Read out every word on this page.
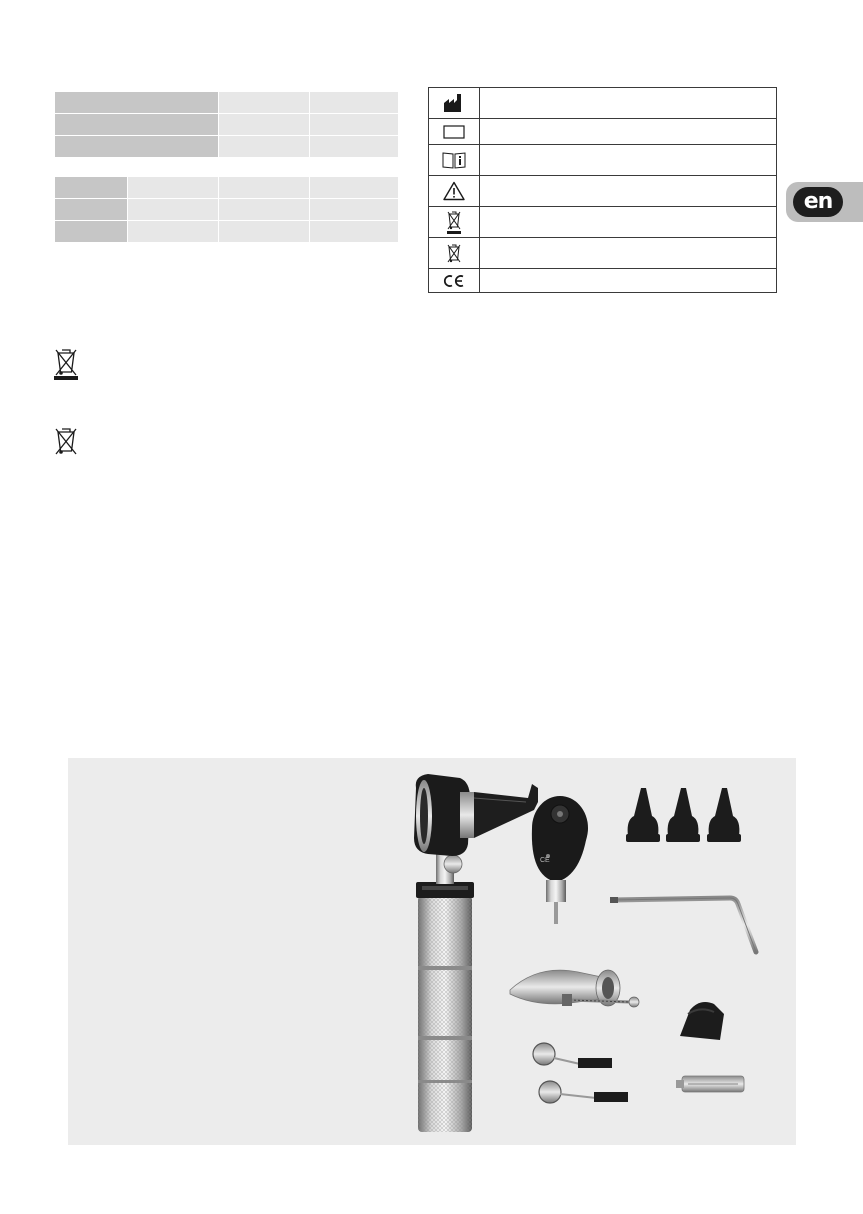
en
CE
